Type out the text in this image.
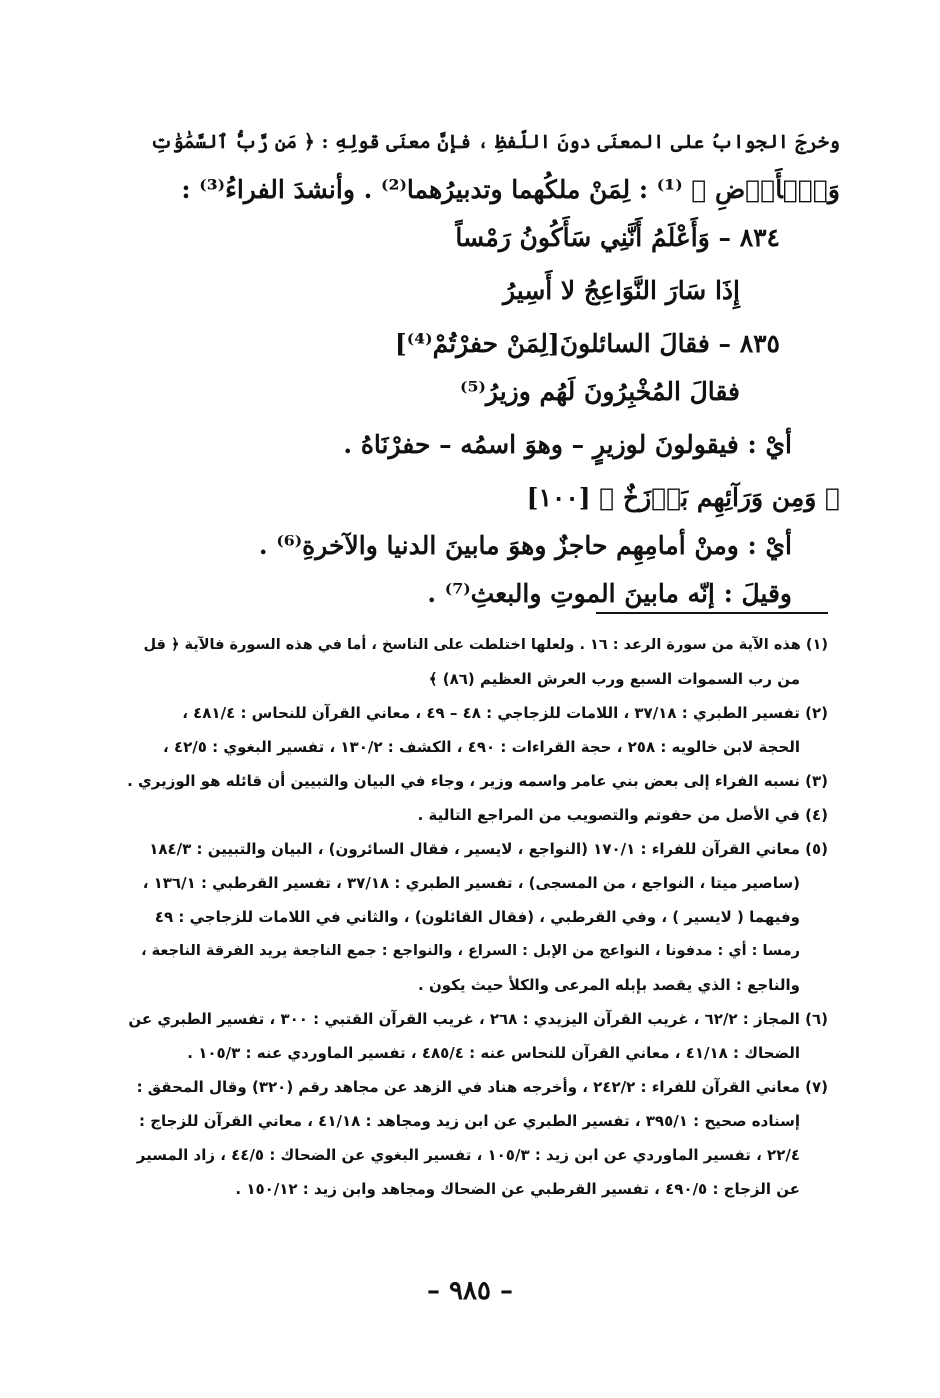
وخرجَ الجوابُ على المعنَى دونَ اللّفظِ ، فإنَّ معنَى قولِهِ : ﴿ مَن رَّبُّ ٱلسَّمَٰوَٰتِ
وَٱلۡأَرۡضِ ﴾ ⁽¹⁾ : لِمَنْ ملكُهما وتدبيرُهما⁽²⁾ . وأنشدَ الفراءُ⁽³⁾ :
٨٣٤ – وَأَعْلَمُ أَنَّنِي سَأَكُونُ رَمْساً
إِذَا سَارَ النَّوَاعِجُ لا أَسِيرُ
٨٣٥ – فقالَ السائلونَ[لِمَنْ حفرْتُمْ⁽⁴⁾]
فقالَ المُخْبِرُونَ لَهُم وزيرُ⁽⁵⁾
أيْ : فيقولونَ لوزيرٍ – وهوَ اسمُه – حفرْنَاهُ .
﴿ وَمِن وَرَآئِهِم بَرۡزَخٌ ﴾ [١٠٠]
أيْ : ومنْ أمامِهِم حاجزٌ وهوَ مابينَ الدنيا والآخرةِ⁽⁶⁾ .
وقيلَ : إنّه مابينَ الموتِ والبعثِ⁽⁷⁾ .
(١) هذه الآية من سورة الرعد : ١٦ . ولعلها اختلطت على الناسخ ، أما في هذه السورة فالآية ﴿ قل
من رب السموات السبع ورب العرش العظيم (٨٦) ﴾
(٢) تفسير الطبري : ٣٧/١٨ ، اللامات للزجاجي : ٤٨ – ٤٩ ، معاني القرآن للنحاس : ٤٨١/٤ ،
الحجة لابن خالويه : ٢٥٨ ، حجة القراءات : ٤٩٠ ، الكشف : ١٣٠/٢ ، تفسير البغوي : ٤٢/٥ ،
(٣) نسبه الفراء إلى بعض بني عامر واسمه وزير ، وجاء في البيان والتبيين أن قائله هو الوزيري .
(٤) في الأصل من حفوتم والتصويب من المراجع التالية .
(٥) معاني القرآن للفراء : ١٧٠/١ (النواجع ، لايسير ، فقال السائرون) ، البيان والتبيين : ١٨٤/٣
(ساصير ميتا ، النواجع ، من المسجى) ، تفسير الطبري : ٣٧/١٨ ، تفسير القرطبي : ١٣٦/١ ،
وفيهما ( لايسير ) ، وفي القرطبي ، (فقال القائلون) ، والثاني في اللامات للزجاجي : ٤٩
رمسا : أي : مدفونا ، النواعج من الإبل : السراع ، والنواجع : جمع الناجعة يريد الفرقة الناجعة ،
والناجع : الذي يقصد بإبله المرعى والكلأ حيث يكون .
(٦) المجاز : ٦٢/٢ ، غريب القرآن اليزيدي : ٢٦٨ ، غريب القرآن القتبي : ٣٠٠ ، تفسير الطبري عن
الضحاك : ٤١/١٨ ، معاني القرآن للنحاس عنه : ٤٨٥/٤ ، تفسير الماوردي عنه : ١٠٥/٣ .
(٧) معاني القرآن للفراء : ٢٤٢/٢ ، وأخرجه هناد في الزهد عن مجاهد رقم (٣٢٠) وقال المحقق :
إسناده صحيح : ٣٩٥/١ ، تفسير الطبري عن ابن زيد ومجاهد : ٤١/١٨ ، معاني القرآن للزجاج :
٢٢/٤ ، تفسير الماوردي عن ابن زيد : ١٠٥/٣ ، تفسير البغوي عن الضحاك : ٤٤/٥ ، زاد المسير
عن الزجاج : ٤٩٠/٥ ، تفسير القرطبي عن الضحاك ومجاهد وابن زيد : ١٥٠/١٢ .
– ٩٨٥ –
